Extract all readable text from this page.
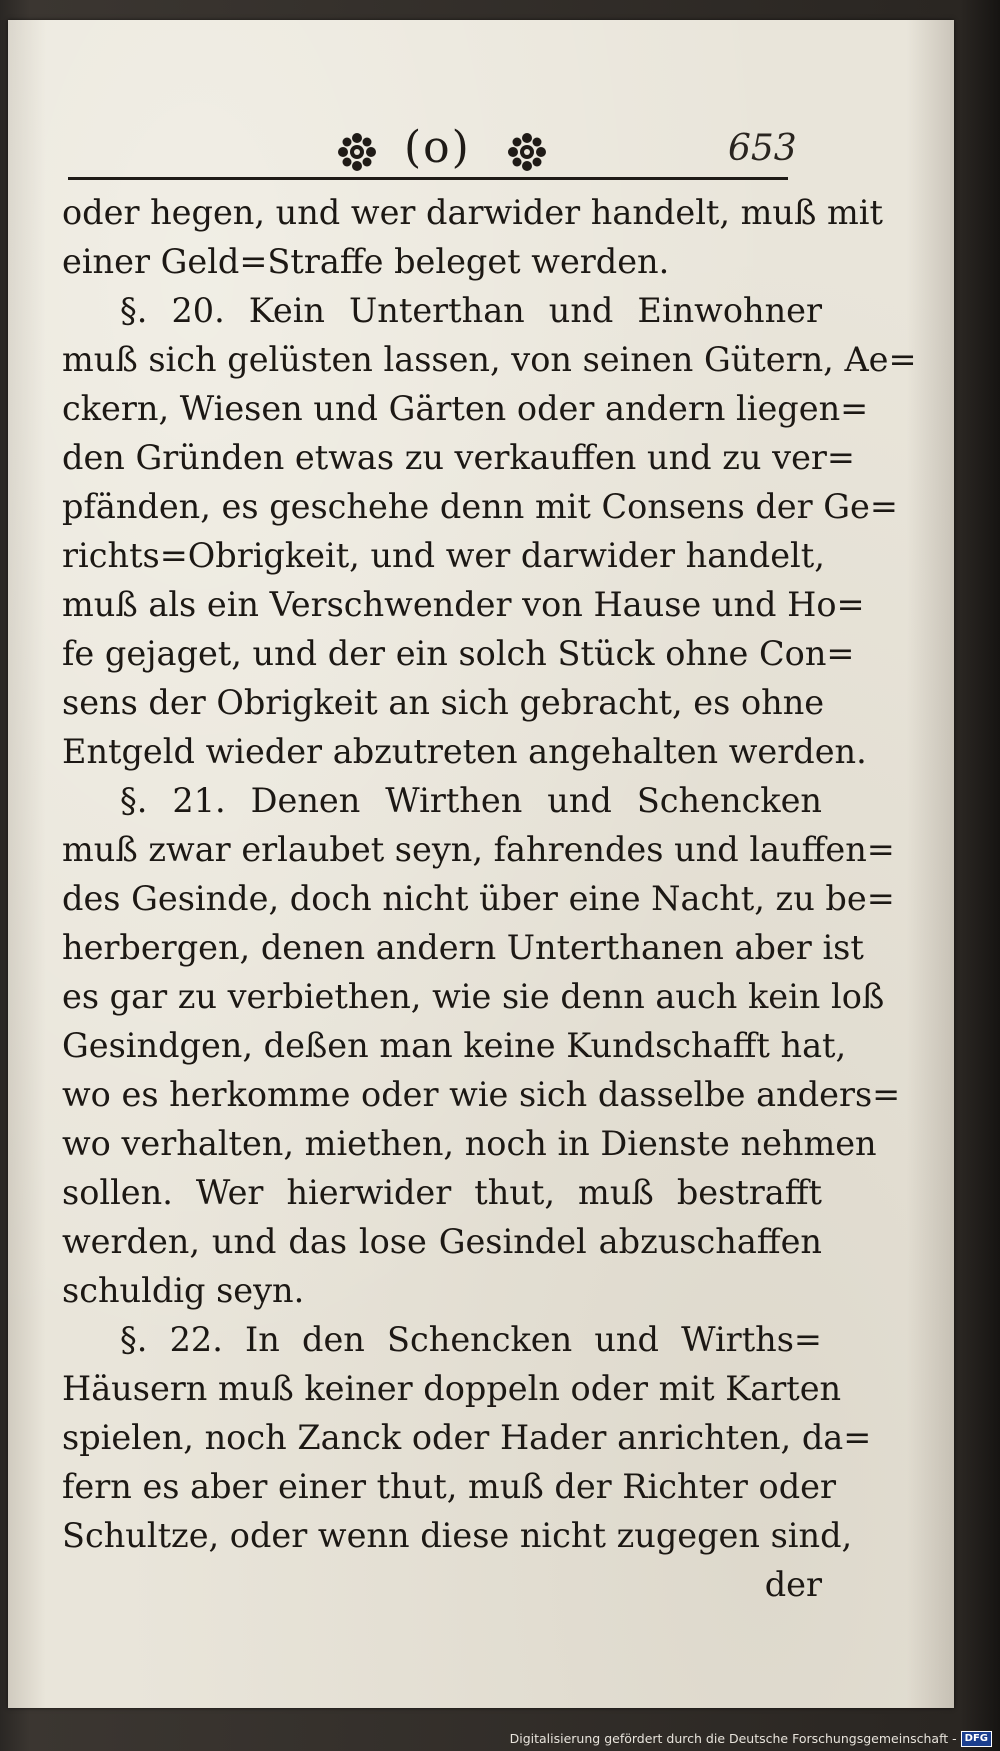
(o)	653
oder hegen, und wer darwider handelt, muß mit
einer Geld=Straffe beleget werden.
§. 20. Kein Unterthan und Einwohner
muß sich gelüsten lassen, von seinen Gütern, Ae=
ckern, Wiesen und Gärten oder andern liegen=
den Gründen etwas zu verkauffen und zu ver=
pfänden, es geschehe denn mit Consens der Ge=
richts=Obrigkeit, und wer darwider handelt,
muß als ein Verschwender von Hause und Ho=
fe gejaget, und der ein solch Stück ohne Con=
sens der Obrigkeit an sich gebracht, es ohne
Entgeld wieder abzutreten angehalten werden.
§. 21. Denen Wirthen und Schencken
muß zwar erlaubet seyn, fahrendes und lauffen=
des Gesinde, doch nicht über eine Nacht, zu be=
herbergen, denen andern Unterthanen aber ist
es gar zu verbiethen, wie sie denn auch kein loß
Gesindgen, deßen man keine Kundschafft hat,
wo es herkomme oder wie sich dasselbe anders=
wo verhalten, miethen, noch in Dienste nehmen
sollen. Wer hierwider thut, muß bestrafft
werden, und das lose Gesindel abzuschaffen
schuldig seyn.
§. 22. In den Schencken und Wirths=
Häusern muß keiner doppeln oder mit Karten
spielen, noch Zanck oder Hader anrichten, da=
fern es aber einer thut, muß der Richter oder
Schultze, oder wenn diese nicht zugegen sind,
der
Digitalisierung gefördert durch die Deutsche Forschungsgemeinschaft - DFG
